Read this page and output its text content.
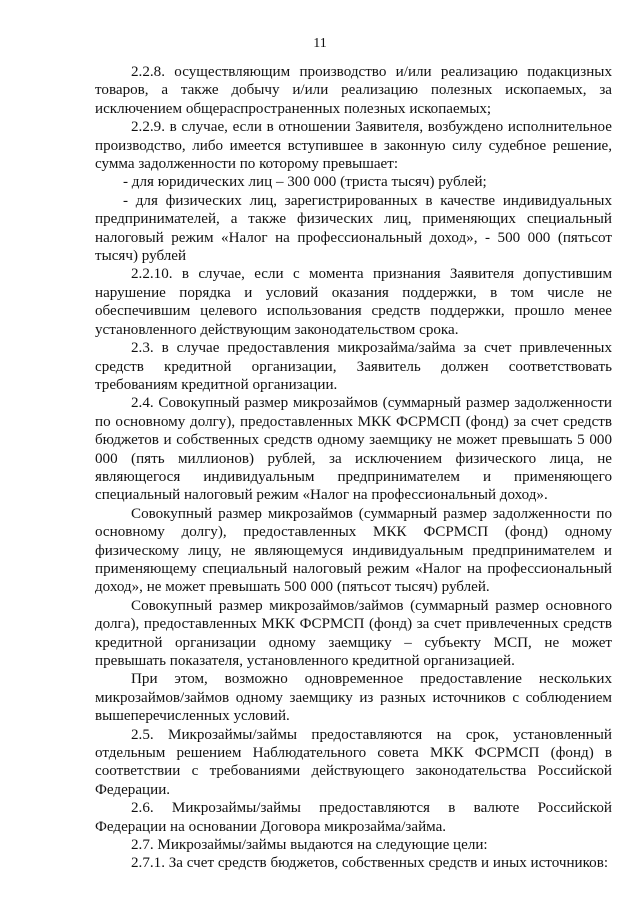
11

2.2.8. осуществляющим производство и/или реализацию подакцизных товаров, а также добычу и/или реализацию полезных ископаемых, за исключением общераспространенных полезных ископаемых;

2.2.9. в случае, если в отношении Заявителя, возбуждено исполнительное производство, либо имеется вступившее в законную силу судебное решение, сумма задолженности по которому превышает:

- для юридических лиц – 300 000 (триста тысяч) рублей;

- для физических лиц, зарегистрированных в качестве индивидуальных предпринимателей, а также физических лиц, применяющих специальный налоговый режим «Налог на профессиональный доход», - 500 000 (пятьсот тысяч) рублей

2.2.10. в случае, если с момента признания Заявителя допустившим нарушение порядка и условий оказания поддержки, в том числе не обеспечившим целевого использования средств поддержки, прошло менее установленного действующим законодательством срока.

2.3. в случае предоставления микрозайма/займа за счет привлеченных средств кредитной организации, Заявитель должен соответствовать требованиям кредитной организации.

2.4. Совокупный размер микрозаймов (суммарный размер задолженности по основному долгу), предоставленных МКК ФСРМСП (фонд) за счет средств бюджетов и собственных средств одному заемщику не может превышать 5 000 000 (пять миллионов) рублей, за исключением физического лица, не являющегося индивидуальным предпринимателем и применяющего специальный налоговый режим «Налог на профессиональный доход».

Совокупный размер микрозаймов (суммарный размер задолженности по основному долгу), предоставленных МКК ФСРМСП (фонд) одному физическому лицу, не являющемуся индивидуальным предпринимателем и применяющему специальный налоговый режим «Налог на профессиональный доход», не может превышать 500 000 (пятьсот тысяч) рублей.

Совокупный размер микрозаймов/займов (суммарный размер основного долга), предоставленных МКК ФСРМСП (фонд) за счет привлеченных средств кредитной организации одному заемщику – субъекту МСП, не может превышать показателя, установленного кредитной организацией.

При этом, возможно одновременное предоставление нескольких микрозаймов/займов одному заемщику из разных источников с соблюдением вышеперечисленных условий.

2.5. Микрозаймы/займы предоставляются на срок, установленный отдельным решением Наблюдательного совета МКК ФСРМСП (фонд) в соответствии с требованиями действующего законодательства Российской Федерации.

2.6. Микрозаймы/займы предоставляются в валюте Российской Федерации на основании Договора микрозайма/займа.

2.7. Микрозаймы/займы выдаются на следующие цели:

2.7.1. За счет средств бюджетов, собственных средств и иных источников:
